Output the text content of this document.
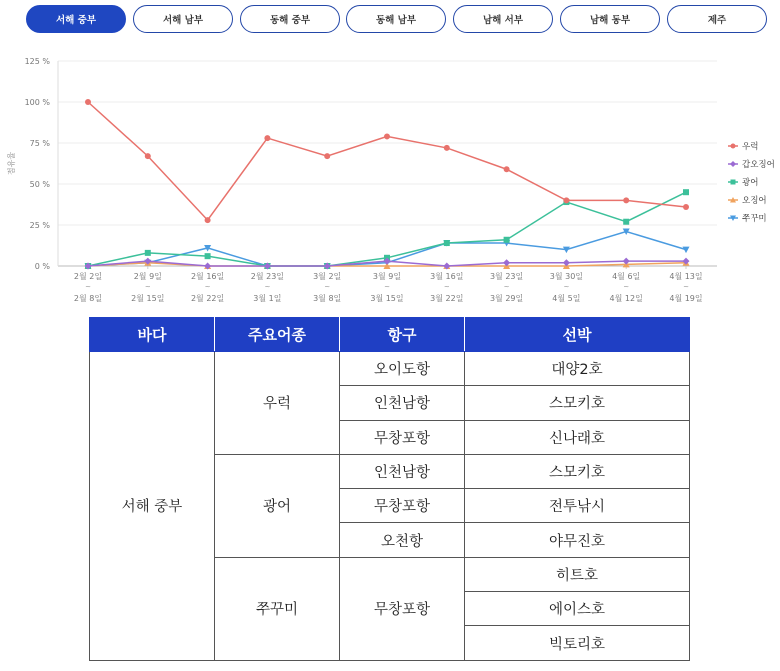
서해 중부	서해 남부	동해 중부	동해 남부	남해 서부	남해 동부	제주
0 %
25 %
50 %
75 %
100 %
125 %
점유율
2월 2일
~
2월 8일
2월 9일
~
2월 15일
2월 16일
~
2월 22일
2월 23일
~
3월 1일
3월 2일
~
3월 8일
3월 9일
~
3월 15일
3월 16일
~
3월 22일
3월 23일
~
3월 29일
3월 30일
~
4월 5일
4월 6일
~
4월 12일
4월 13일
~
4월 19일
우럭
갑오징어
광어
오징어
쭈꾸미
바다	주요어종	항구	선박
서해 중부	우럭	오이도항	대양2호
		인천남항	스모키호
		무창포항	신나래호
	광어	인천남항	스모키호
		무창포항	전투낚시
		오천항	야무진호
	쭈꾸미	무창포항	히트호
			에이스호
			빅토리호
